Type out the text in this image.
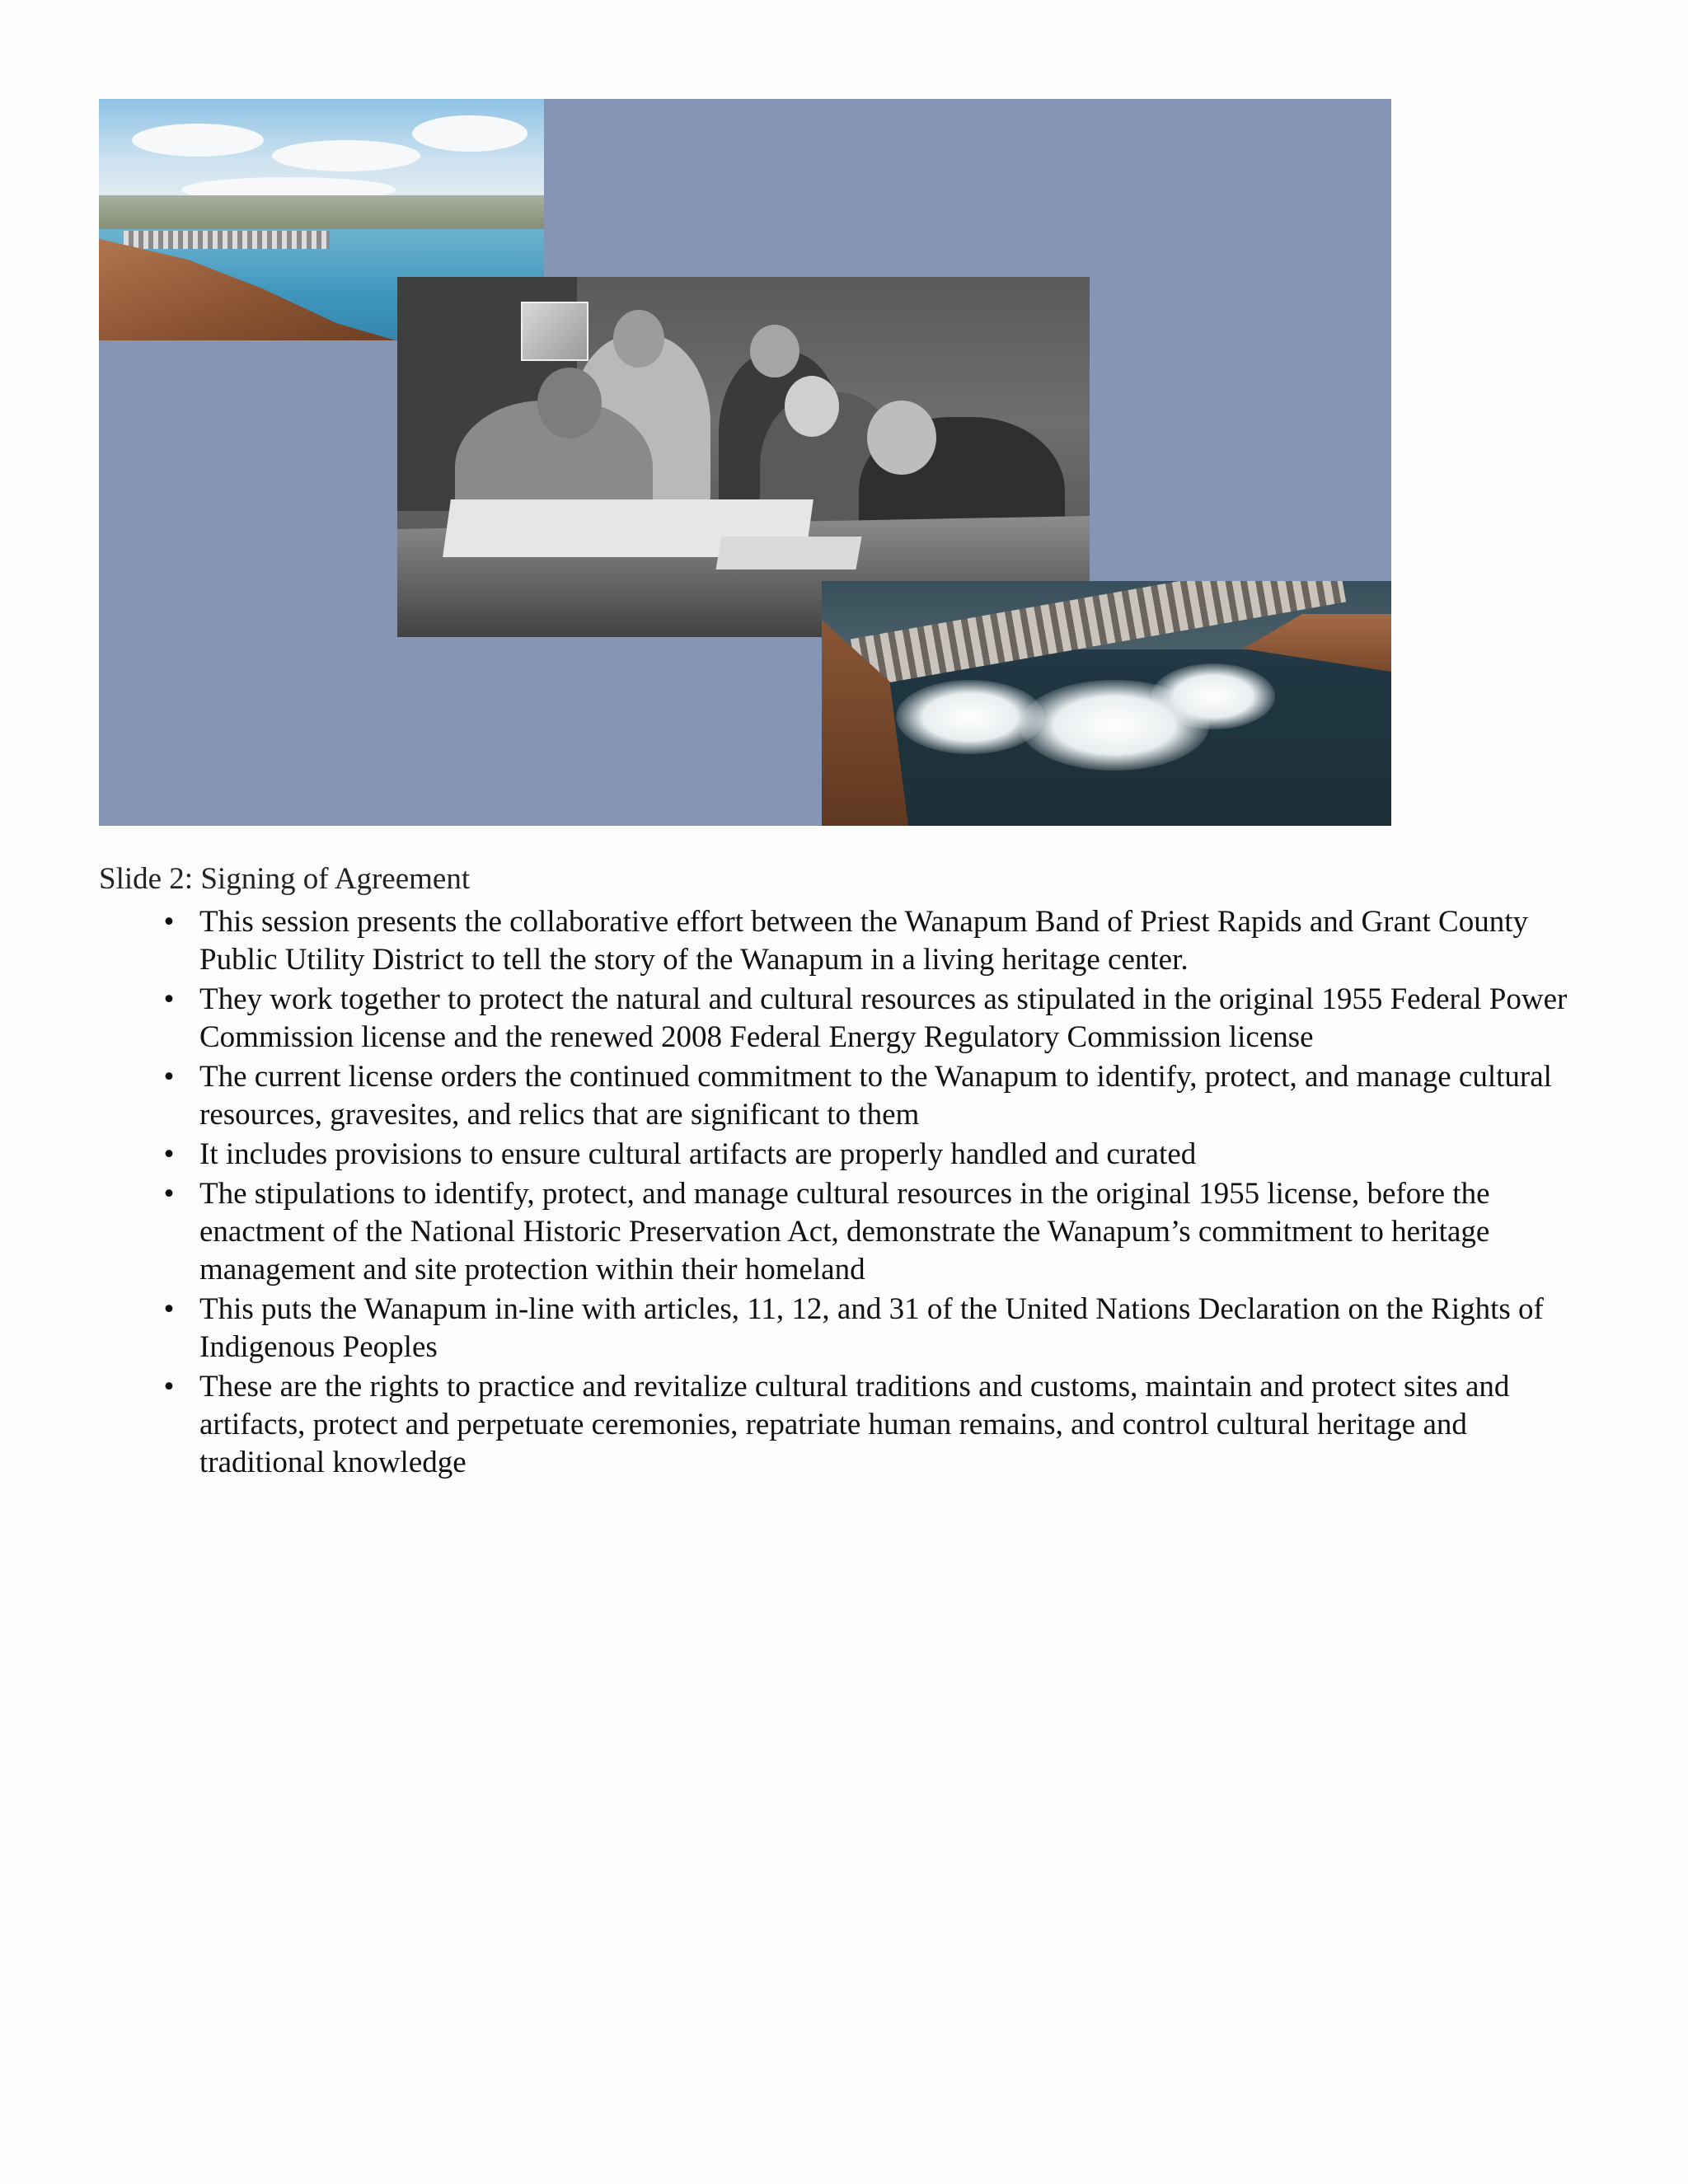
Slide 2: Signing of Agreement
• This session presents the collaborative effort between the Wanapum Band of Priest Rapids and Grant County Public Utility District to tell the story of the Wanapum in a living heritage center.
• They work together to protect the natural and cultural resources as stipulated in the original 1955 Federal Power Commission license and the renewed 2008 Federal Energy Regulatory Commission license
• The current license orders the continued commitment to the Wanapum to identify, protect, and manage cultural resources, gravesites, and relics that are significant to them
• It includes provisions to ensure cultural artifacts are properly handled and curated
• The stipulations to identify, protect, and manage cultural resources in the original 1955 license, before the enactment of the National Historic Preservation Act, demonstrate the Wanapum’s commitment to heritage management and site protection within their homeland
• This puts the Wanapum in-line with articles, 11, 12, and 31 of the United Nations Declaration on the Rights of Indigenous Peoples
• These are the rights to practice and revitalize cultural traditions and customs, maintain and protect sites and artifacts, protect and perpetuate ceremonies, repatriate human remains, and control cultural heritage and traditional knowledge
